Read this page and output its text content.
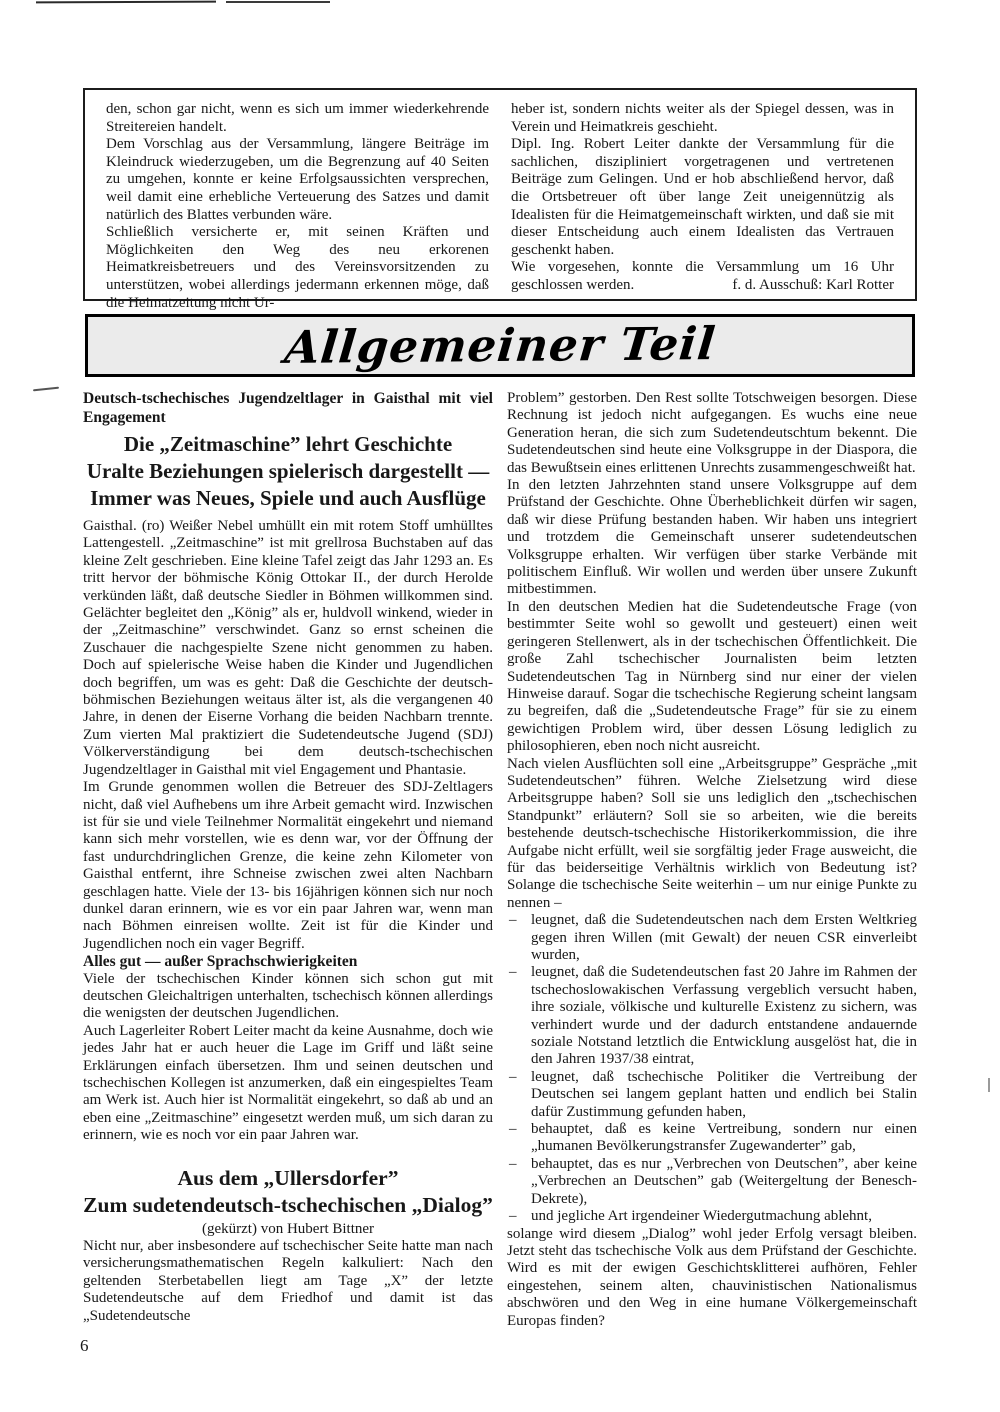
den, schon gar nicht, wenn es sich um immer wiederkehrende Streitereien handelt.

Dem Vorschlag aus der Versammlung, längere Beiträge im Kleindruck wiederzugeben, um die Begrenzung auf 40 Seiten zu umgehen, konnte er keine Erfolgsaussichten versprechen, weil damit eine erhebliche Verteuerung des Satzes und damit natürlich des Blattes verbunden wäre.

Schließlich versicherte er, mit seinen Kräften und Möglichkeiten den Weg des neu erkorenen Heimatkreisbetreuers und des Vereinsvorsitzenden zu unterstützen, wobei allerdings jedermann erkennen möge, daß die Heimatzeitung nicht Ur-

heber ist, sondern nichts weiter als der Spiegel dessen, was in Verein und Heimatkreis geschieht.

Dipl. Ing. Robert Leiter dankte der Versammlung für die sachlichen, diszipliniert vorgetragenen und vertretenen Beiträge zum Gelingen. Und er hob abschließend hervor, daß die Ortsbetreuer oft über lange Zeit uneigennützig als Idealisten für die Heimatgemeinschaft wirkten, und daß sie mit dieser Entscheidung auch einem Idealisten das Vertrauen geschenkt haben.

Wie vorgesehen, konnte die Versammlung um 16 Uhr geschlossen werden.	f. d. Ausschuß: Karl Rotter

Allgemeiner Teil

Deutsch-tschechisches Jugendzeltlager in Gaisthal mit viel Engagement

Die „Zeitmaschine” lehrt Geschichte
Uralte Beziehungen spielerisch dargestellt —
Immer was Neues, Spiele und auch Ausflüge

Gaisthal. (ro) Weißer Nebel umhüllt ein mit rotem Stoff umhülltes Lattengestell. „Zeitmaschine” ist mit grellrosa Buchstaben auf das kleine Zelt geschrieben. Eine kleine Tafel zeigt das Jahr 1293 an. Es tritt hervor der böhmische König Ottokar II., der durch Herolde verkünden läßt, daß deutsche Siedler in Böhmen willkommen sind. Gelächter begleitet den „König” als er, huldvoll winkend, wieder in der „Zeitmaschine” verschwindet. Ganz so ernst scheinen die Zuschauer die nachgespielte Szene nicht genommen zu haben. Doch auf spielerische Weise haben die Kinder und Jugendlichen doch begriffen, um was es geht: Daß die Geschichte der deutsch-böhmischen Beziehungen weitaus älter ist, als die vergangenen 40 Jahre, in denen der Eiserne Vorhang die beiden Nachbarn trennte. Zum vierten Mal praktiziert die Sudetendeutsche Jugend (SDJ) Völkerverständigung bei dem deutsch-tschechischen Jugendzeltlager in Gaisthal mit viel Engagement und Phantasie.

Im Grunde genommen wollen die Betreuer des SDJ-Zeltlagers nicht, daß viel Aufhebens um ihre Arbeit gemacht wird. Inzwischen ist für sie und viele Teilnehmer Normalität eingekehrt und niemand kann sich mehr vorstellen, wie es denn war, vor der Öffnung der fast undurchdringlichen Grenze, die keine zehn Kilometer von Gaisthal entfernt, ihre Schneise zwischen zwei alten Nachbarn geschlagen hatte. Viele der 13- bis 16jährigen können sich nur noch dunkel daran erinnern, wie es vor ein paar Jahren war, wenn man nach Böhmen einreisen wollte. Zeit ist für die Kinder und Jugendlichen noch ein vager Begriff.

Alles gut — außer Sprachschwierigkeiten

Viele der tschechischen Kinder können sich schon gut mit deutschen Gleichaltrigen unterhalten, tschechisch können allerdings die wenigsten der deutschen Jugendlichen.

Auch Lagerleiter Robert Leiter macht da keine Ausnahme, doch wie jedes Jahr hat er auch heuer die Lage im Griff und läßt seine Erklärungen einfach übersetzen. Ihm und seinen deutschen und tschechischen Kollegen ist anzumerken, daß ein eingespieltes Team am Werk ist. Auch hier ist Normalität eingekehrt, so daß ab und an eben eine „Zeitmaschine” eingesetzt werden muß, um sich daran zu erinnern, wie es noch vor ein paar Jahren war.

Aus dem „Ullersdorfer”
Zum sudetendeutsch-tschechischen „Dialog”

(gekürzt) von Hubert Bittner

Nicht nur, aber insbesondere auf tschechischer Seite hatte man nach versicherungsmathematischen Regeln kalkuliert: Nach den geltenden Sterbetabellen liegt am Tage „X” der letzte Sudetendeutsche auf dem Friedhof und damit ist das „Sudetendeutsche

Problem” gestorben. Den Rest sollte Totschweigen besorgen. Diese Rechnung ist jedoch nicht aufgegangen. Es wuchs eine neue Generation heran, die sich zum Sudetendeutschtum bekennt. Die Sudetendeutschen sind heute eine Volksgruppe in der Diaspora, die das Bewußtsein eines erlittenen Unrechts zusammengeschweißt hat.

In den letzten Jahrzehnten stand unsere Volksgruppe auf dem Prüfstand der Geschichte. Ohne Überheblichkeit dürfen wir sagen, daß wir diese Prüfung bestanden haben. Wir haben uns integriert und trotzdem die Gemeinschaft unserer sudetendeutschen Volksgruppe erhalten. Wir verfügen über starke Verbände mit politischem Einfluß. Wir wollen und werden über unsere Zukunft mitbestimmen.

In den deutschen Medien hat die Sudetendeutsche Frage (von bestimmter Seite wohl so gewollt und gesteuert) einen weit geringeren Stellenwert, als in der tschechischen Öffentlichkeit. Die große Zahl tschechischer Journalisten beim letzten Sudetendeutschen Tag in Nürnberg sind nur einer der vielen Hinweise darauf. Sogar die tschechische Regierung scheint langsam zu begreifen, daß die „Sudetendeutsche Frage” für sie zu einem gewichtigen Problem wird, über dessen Lösung lediglich zu philosophieren, eben noch nicht ausreicht.

Nach vielen Ausflüchten soll eine „Arbeitsgruppe” Gespräche „mit Sudetendeutschen” führen. Welche Zielsetzung wird diese Arbeitsgruppe haben? Soll sie uns lediglich den „tschechischen Standpunkt” erläutern? Soll sie so arbeiten, wie die bereits bestehende deutsch-tschechische Historikerkommission, die ihre Aufgabe nicht erfüllt, weil sie sorgfältig jeder Frage ausweicht, die für das beiderseitige Verhältnis wirklich von Bedeutung ist? Solange die tschechische Seite weiterhin – um nur einige Punkte zu nennen –

– leugnet, daß die Sudetendeutschen nach dem Ersten Weltkrieg gegen ihren Willen (mit Gewalt) der neuen CSR einverleibt wurden,
– leugnet, daß die Sudetendeutschen fast 20 Jahre im Rahmen der tschechoslowakischen Verfassung vergeblich versucht haben, ihre soziale, völkische und kulturelle Existenz zu sichern, was verhindert wurde und der dadurch entstandene andauernde soziale Notstand letztlich die Entwicklung ausgelöst hat, die in den Jahren 1937/38 eintrat,
– leugnet, daß tschechische Politiker die Vertreibung der Deutschen sei langem geplant hatten und endlich bei Stalin dafür Zustimmung gefunden haben,
– behauptet, daß es keine Vertreibung, sondern nur einen „humanen Bevölkerungstransfer Zugewanderter” gab,
– behauptet, das es nur „Verbrechen von Deutschen”, aber keine „Verbrechen an Deutschen” gab (Weitergeltung der Benesch-Dekrete),
– und jegliche Art irgendeiner Wiedergutmachung ablehnt,

solange wird diesem „Dialog” wohl jeder Erfolg versagt bleiben. Jetzt steht das tschechische Volk aus dem Prüfstand der Geschichte. Wird es mit der ewigen Geschichtsklitterei aufhören, Fehler eingestehen, seinem alten, chauvinistischen Nationalismus abschwören und den Weg in eine humane Völkergemeinschaft Europas finden?

6
